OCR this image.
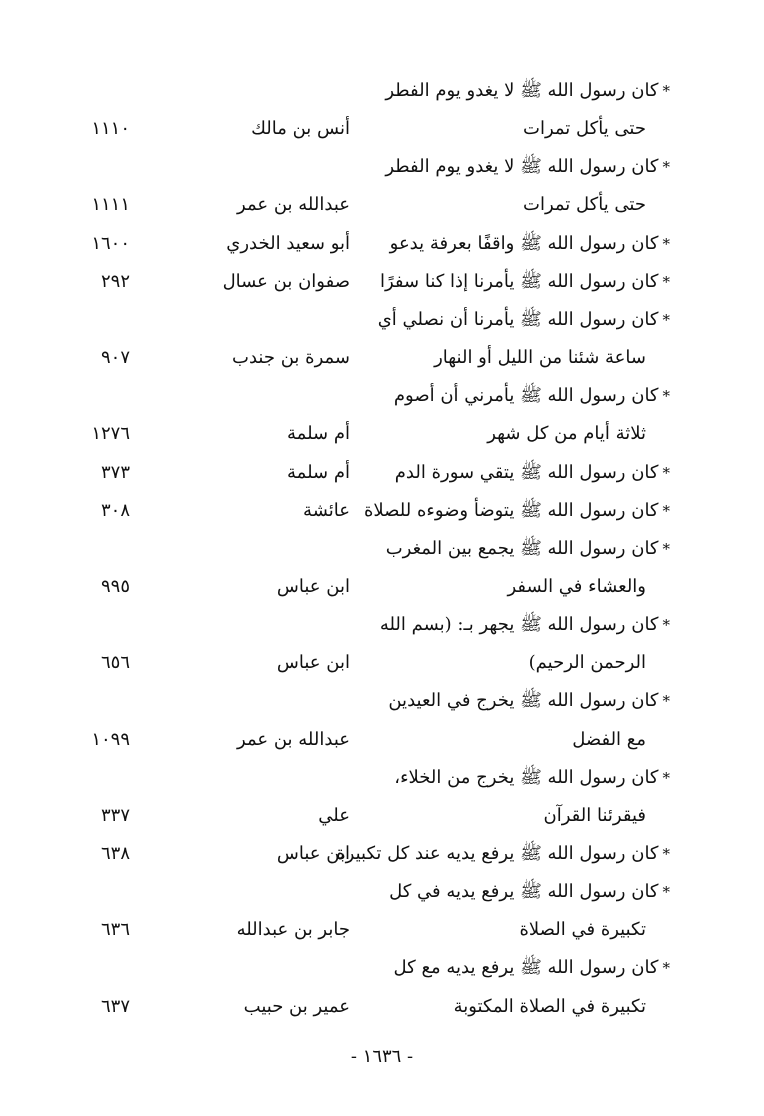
*كان رسول الله ﷺ لا يغدو يوم الفطر
حتى يأكل تمرات
أنس بن مالك
١١١٠
*كان رسول الله ﷺ لا يغدو يوم الفطر
حتى يأكل تمرات
عبدالله بن عمر
١١١١
*كان رسول الله ﷺ واقفًا بعرفة يدعو
أبو سعيد الخدري
١٦٠٠
*كان رسول الله ﷺ يأمرنا إذا كنا سفرًا
صفوان بن عسال
٢٩٢
*كان رسول الله ﷺ يأمرنا أن نصلي أي
ساعة شئنا من الليل أو النهار
سمرة بن جندب
٩٠٧
*كان رسول الله ﷺ يأمرني أن أصوم
ثلاثة أيام من كل شهر
أم سلمة
١٢٧٦
*كان رسول الله ﷺ يتقي سورة الدم
أم سلمة
٣٧٣
*كان رسول الله ﷺ يتوضأ وضوءه للصلاة
عائشة
٣٠٨
*كان رسول الله ﷺ يجمع بين المغرب
والعشاء في السفر
ابن عباس
٩٩٥
*كان رسول الله ﷺ يجهر بـ: (بسم الله
الرحمن الرحيم)
ابن عباس
٦٥٦
*كان رسول الله ﷺ يخرج في العيدين
مع الفضل
عبدالله بن عمر
١٠٩٩
*كان رسول الله ﷺ يخرج من الخلاء،
فيقرئنا القرآن
علي
٣٣٧
*كان رسول الله ﷺ يرفع يديه عند كل تكبيرة
ابن عباس
٦٣٨
*كان رسول الله ﷺ يرفع يديه في كل
تكبيرة في الصلاة
جابر بن عبدالله
٦٣٦
*كان رسول الله ﷺ يرفع يديه مع كل
تكبيرة في الصلاة المكتوبة
عمير بن حبيب
٦٣٧
- ١٦٣٦ -
